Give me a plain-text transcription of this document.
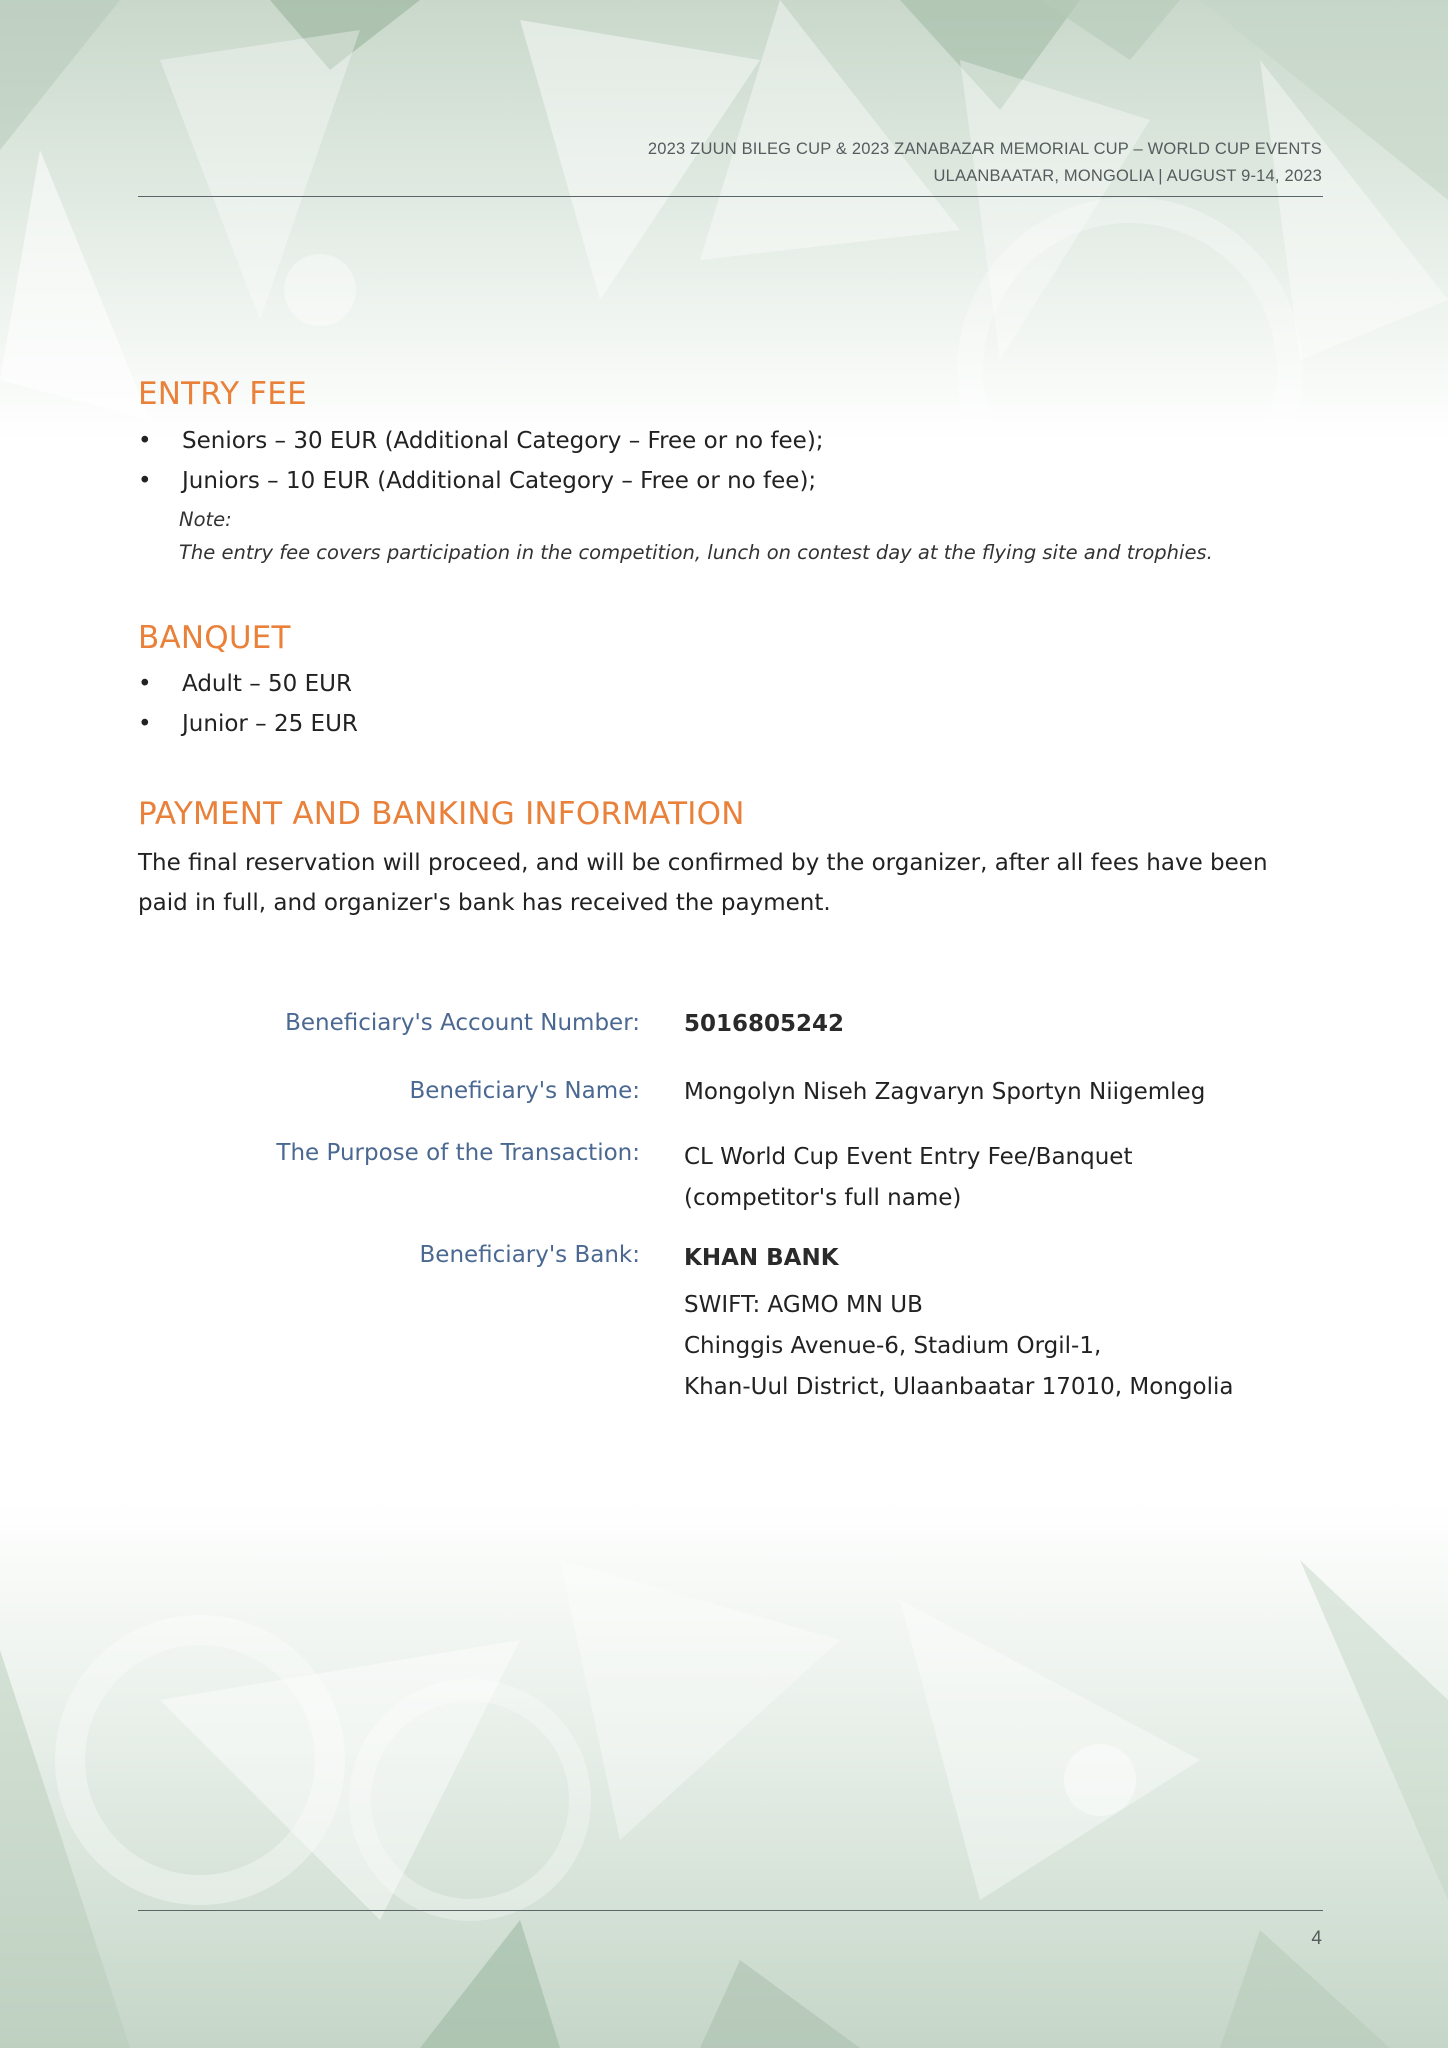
2023 ZUUN BILEG CUP & 2023 ZANABAZAR MEMORIAL CUP – WORLD CUP EVENTS
ULAANBAATAR, MONGOLIA | AUGUST 9-14, 2023
ENTRY FEE
• Seniors – 30 EUR (Additional Category – Free or no fee);
• Juniors – 10 EUR (Additional Category – Free or no fee);
Note:
The entry fee covers participation in the competition, lunch on contest day at the flying site and trophies.
BANQUET
• Adult – 50 EUR
• Junior – 25 EUR
PAYMENT AND BANKING INFORMATION
The final reservation will proceed, and will be confirmed by the organizer, after all fees have been
paid in full, and organizer's bank has received the payment.
Beneficiary's Account Number: 5016805242
Beneficiary's Name: Mongolyn Niseh Zagvaryn Sportyn Niigemleg
The Purpose of the Transaction: CL World Cup Event Entry Fee/Banquet
(competitor's full name)
Beneficiary's Bank: KHAN BANK
SWIFT: AGMO MN UB
Chinggis Avenue-6, Stadium Orgil-1,
Khan-Uul District, Ulaanbaatar 17010, Mongolia
4
